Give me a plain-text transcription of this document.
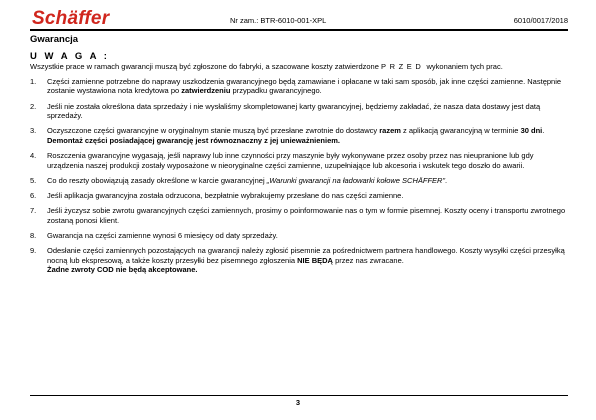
Schäffer	Nr zam.: BTR-6010-001-XPL	6010/0017/2018
Gwarancja
U W A G A :
Wszystkie prace w ramach gwarancji muszą być zgłoszone do fabryki, a szacowane koszty zatwierdzone PRZED wykonaniem tych prac.
1. Części zamienne potrzebne do naprawy uszkodzenia gwarancyjnego będą zamawiane i opłacane w taki sam sposób, jak inne części zamienne. Następnie zostanie wystawiona nota kredytowa po zatwierdzeniu przypadku gwarancyjnego.
2. Jeśli nie została określona data sprzedaży i nie wysłaliśmy skompletowanej karty gwarancyjnej, będziemy zakładać, że nasza data dostawy jest datą sprzedaży.
3. Oczyszczone części gwarancyjne w oryginalnym stanie muszą być przesłane zwrotnie do dostawcy razem z aplikacją gwarancyjną w terminie 30 dni. Demontaż części posiadającej gwarancję jest równoznaczny z jej unieważnieniem.
4. Roszczenia gwarancyjne wygasają, jeśli naprawy lub inne czynności przy maszynie były wykonywane przez osoby przez nas nieupranione lub gdy urządzenia naszej produkcji zostały wyposażone w nieoryginalne części zamienne, uzupełniające lub akcesoria i wskutek tego doszło do awarii.
5. Co do reszty obowiązują zasady określone w karcie gwarancyjnej „Warunki gwarancji na ładowarki kołowe SCHÄFFER”.
6. Jeśli aplikacja gwarancyjna została odrzucona, bezpłatnie wybrakujemy przesłane do nas części zamienne.
7. Jeśli życzysz sobie zwrotu gwarancyjnych części zamiennych, prosimy o poinformowanie nas o tym w formie pisemnej. Koszty oceny i transportu zwrotnego zostaną ponosi klient.
8. Gwarancja na części zamienne wynosi 6 miesięcy od daty sprzedaży.
9. Odesłanie części zamiennych pozostających na gwarancji należy zgłosić pisemnie za pośrednictwem partnera handlowego. Koszty wysyłki części przesyłką nocną lub ekspresową, a także koszty przesyłki bez pisemnego zgłoszenia NIE BĘDĄ przez nas zwracane.
Żadne zwroty COD nie będą akceptowane.
3
